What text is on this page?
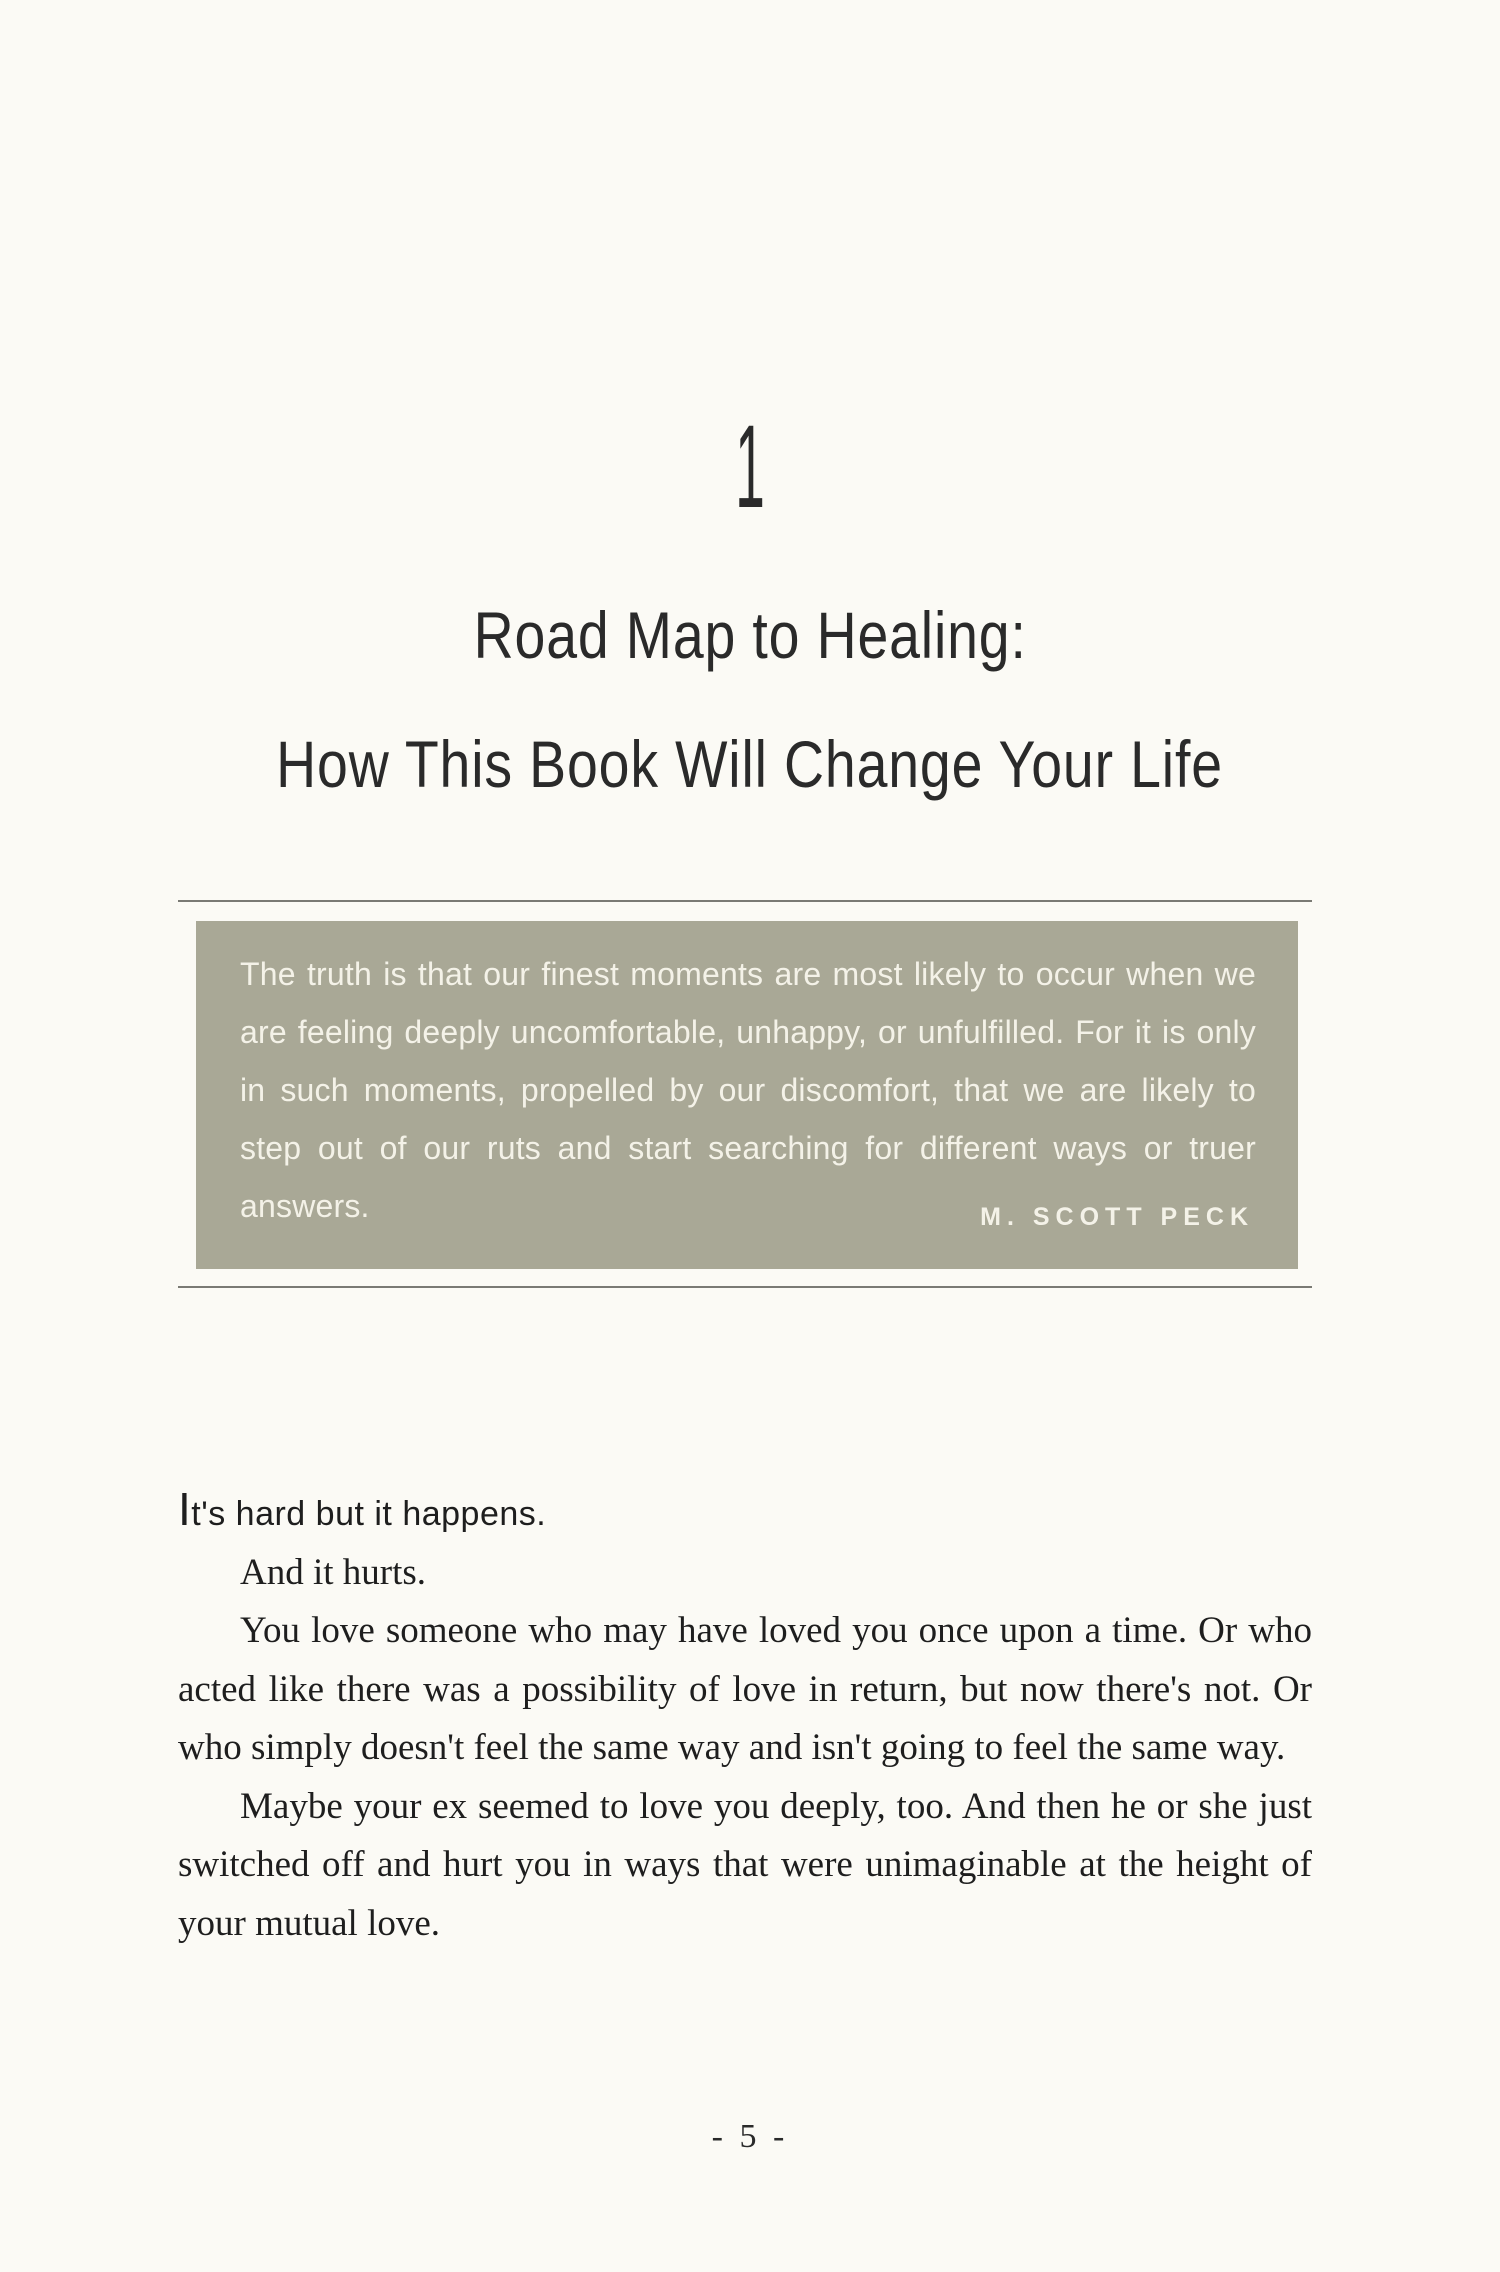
1
Road Map to Healing:
How This Book Will Change Your Life
The truth is that our finest moments are most likely to occur when we are feeling deeply uncomfortable, unhappy, or unfulfilled. For it is only in such moments, propelled by our discomfort, that we are likely to step out of our ruts and start searching for different ways or truer answers.	M. SCOTT PECK

It's hard but it happens.

And it hurts.

You love someone who may have loved you once upon a time. Or who acted like there was a possibility of love in return, but now there's not. Or who simply doesn't feel the same way and isn't going to feel the same way.

Maybe your ex seemed to love you deeply, too. And then he or she just switched off and hurt you in ways that were unimaginable at the height of your mutual love.

- 5 -
